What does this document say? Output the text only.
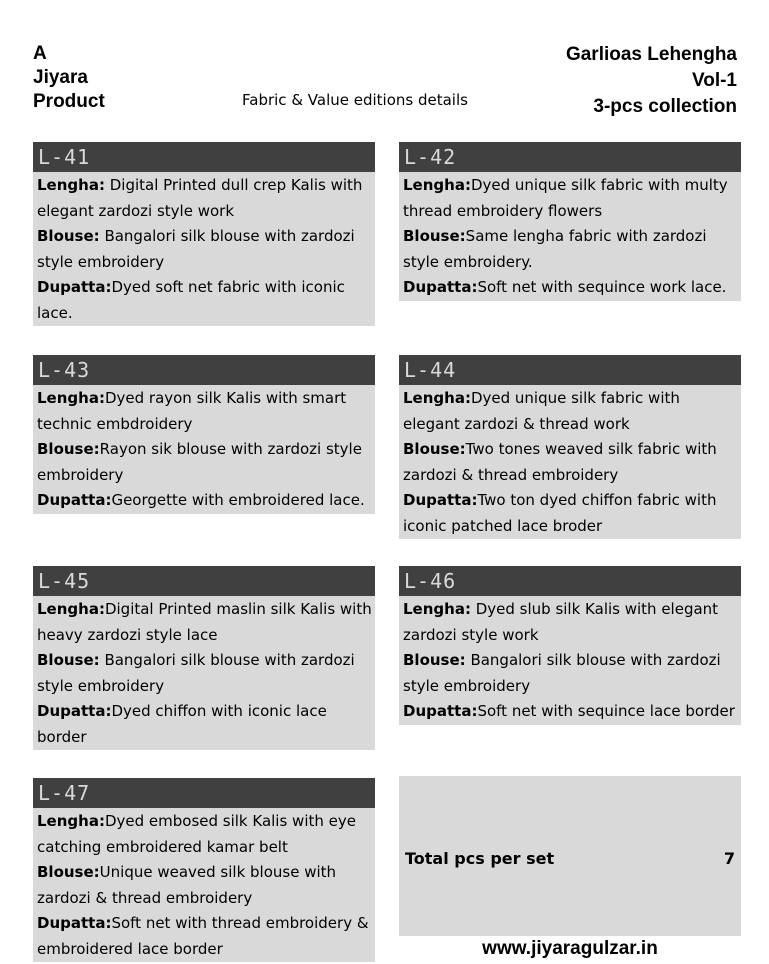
A
Jiyara
Product	Fabric & Value editions details
Garlioas Lehengha
Vol-1
3-pcs collection
L-41

Lengha: Digital Printed dull crep Kalis with elegant zardozi style work

Blouse: Bangalori silk blouse with zardozi style embroidery

Dupatta:Dyed soft net fabric with iconic lace.

L-42

Lengha:Dyed unique silk fabric with multy thread embroidery flowers

Blouse:Same lengha fabric with zardozi style embroidery.

Dupatta:Soft net with sequince work lace.

L-43

Lengha:Dyed rayon silk Kalis with smart technic embdroidery

Blouse:Rayon sik blouse with zardozi style embroidery

Dupatta:Georgette with embroidered lace.

L-44

Lengha:Dyed unique silk fabric with elegant zardozi & thread work

Blouse:Two tones weaved silk fabric with zardozi & thread embroidery

Dupatta:Two ton dyed chiffon fabric with iconic patched lace broder

L-45

Lengha:Digital Printed maslin silk Kalis with heavy zardozi style lace

Blouse: Bangalori silk blouse with zardozi style embroidery

Dupatta:Dyed chiffon with iconic lace border

L-46

Lengha: Dyed slub silk Kalis with elegant zardozi style work

Blouse: Bangalori silk blouse with zardozi style embroidery

Dupatta:Soft net with sequince lace border

L-47

Lengha:Dyed embosed silk Kalis with eye catching embroidered kamar belt

Blouse:Unique weaved silk blouse with zardozi & thread embroidery

Dupatta:Soft net with thread embroidery & embroidered lace border

Total pcs per set	7
www.jiyaragulzar.in
